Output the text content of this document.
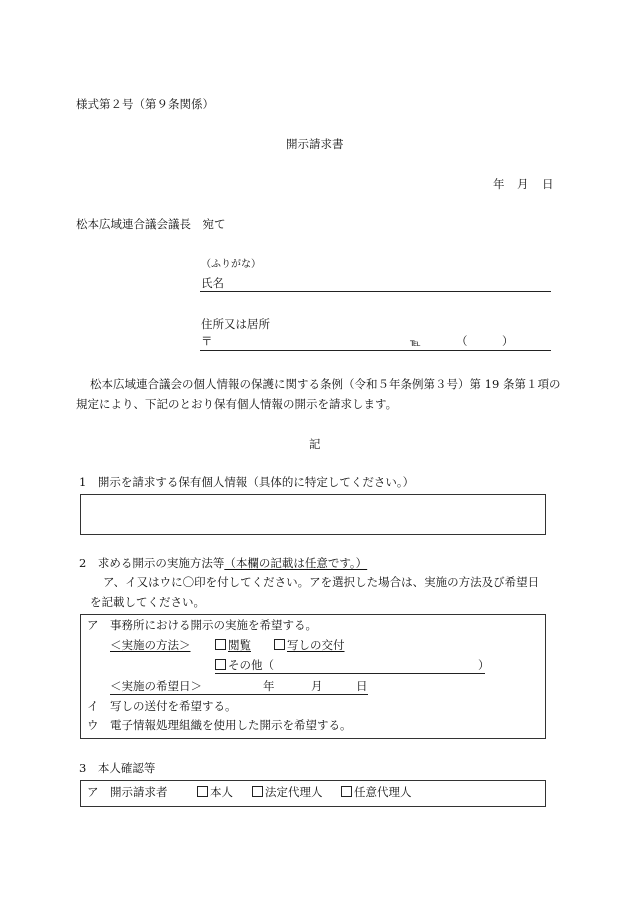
様式第２号（第９条関係）
開示請求書
年 月 日
松本広域連合議会議長　宛て
（ふりがな）
氏名
住所又は居所
〒	℡	（　　　）
松本広域連合議会の個人情報の保護に関する条例（令和５年条例第３号）第 19 条第１項の
規定により、下記のとおり保有個人情報の開示を請求します。
記
1　開示を請求する保有個人情報（具体的に特定してください。）
2　求める開示の実施方法等（本欄の記載は任意です。）
ア、イ又はウに〇印を付してください。アを選択した場合は、実施の方法及び希望日
を記載してください。
ア 事務所における開示の実施を希望する。
＜実施の方法＞	閲覧	写しの交付
その他（	）
＜実施の希望日＞	年	月	日
イ 写しの送付を希望する。
ウ 電子情報処理組織を使用した開示を希望する。
3　本人確認等
ア 開示請求者	本人	法定代理人	任意代理人
